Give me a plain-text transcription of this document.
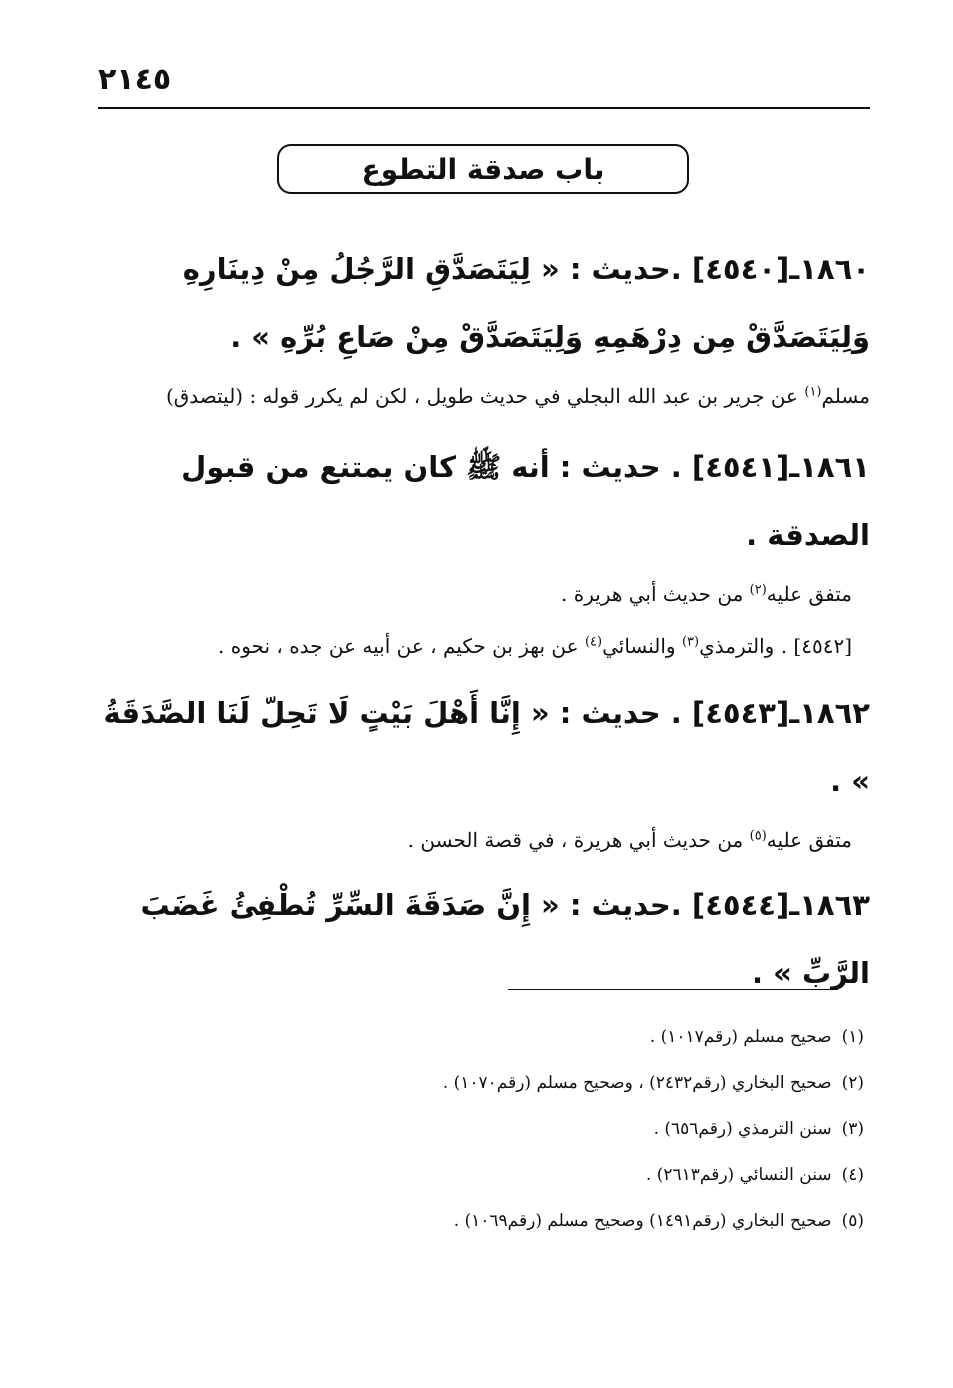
٢١٤٥
باب صدقة التطوع

١٨٦٠ـ[٤٥٤٠] .حديث : « لِيَتَصَدَّقِ الرَّجُلُ مِنْ دِينَارِهِ وَلِيَتَصَدَّقْ مِن دِرْهَمِهِ وَلِيَتَصَدَّقْ مِنْ صَاعِ بُرِّهِ » .

مسلم$^{(١)}$ عن جرير بن عبد الله البجلي في حديث طويل ، لكن لم يكرر قوله : (ليتصدق)

١٨٦١ـ[٤٥٤١] . حديث : أنه ﷺ كان يمتنع من قبول الصدقة .

متفق عليه$^{(٢)}$ من حديث أبي هريرة .

[٤٥٤٢] . والترمذي$^{(٣)}$ والنسائي$^{(٤)}$ عن بهز بن حكيم ، عن أبيه عن جده ، نحوه .

١٨٦٢ـ[٤٥٤٣] . حديث : « إِنَّا أَهْلَ بَيْتٍ لَا تَحِلّ لَنَا الصَّدَقَةُ » .

متفق عليه$^{(٥)}$ من حديث أبي هريرة ، في قصة الحسن .

١٨٦٣ـ[٤٥٤٤] .حديث : « إِنَّ صَدَقَةَ السِّرِّ تُطْفِئُ غَضَبَ الرَّبِّ » .

(١)صحيح مسلم (رقم١٠١٧) .

(٢)صحيح البخاري (رقم٢٤٣٢) ، وصحيح مسلم (رقم١٠٧٠) .

(٣)سنن الترمذي (رقم٦٥٦) .

(٤)سنن النسائي (رقم٢٦١٣) .

(٥)صحيح البخاري (رقم١٤٩١) وصحيح مسلم (رقم١٠٦٩) .
